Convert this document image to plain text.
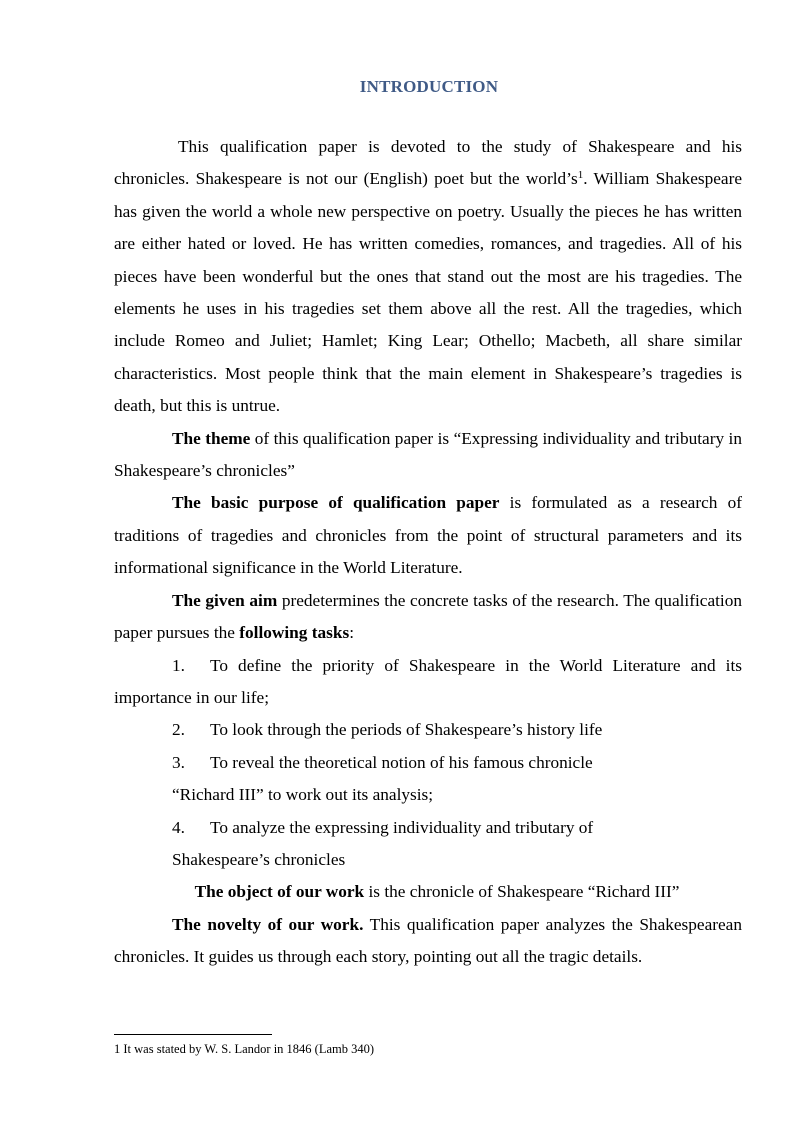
INTRODUCTION

This qualification paper is devoted to the study of Shakespeare and his chronicles. Shakespeare is not our (English) poet but the $world’s^1$. William Shakespeare has given the world a whole new perspective on poetry. Usually the pieces he has written are either hated or loved. He has written comedies, romances, and tragedies. All of his pieces have been wonderful but the ones that stand out the most are his tragedies. The elements he uses in his tragedies set them above all the rest. All the tragedies, which include Romeo and Juliet; Hamlet; King Lear; Othello; Macbeth, all share similar characteristics. Most people think that the main element in Shakespeare’s tragedies is death, but this is untrue.

The theme of this qualification paper is “Expressing individuality and tributary in Shakespeare’s chronicles”

The basic purpose of qualification paper is formulated as a research of traditions of tragedies and chronicles from the point of structural parameters and its informational significance in the World Literature.

The given aim predetermines the concrete tasks of the research. The qualification paper pursues the following tasks:

1. To define the priority of Shakespeare in the World Literature and its importance in our life;

2. To look through the periods of Shakespeare’s history life

3. To reveal the theoretical notion of his famous chronicle

“Richard III” to work out its analysis;

4. To analyze the expressing individuality and tributary of

Shakespeare’s chronicles

The object of our work is the chronicle of Shakespeare “Richard III”

The novelty of our work. This qualification paper analyzes the Shakespearean chronicles. It guides us through each story, pointing out all the tragic details.

1 It was stated by W. S. Landor in 1846 (Lamb 340)
